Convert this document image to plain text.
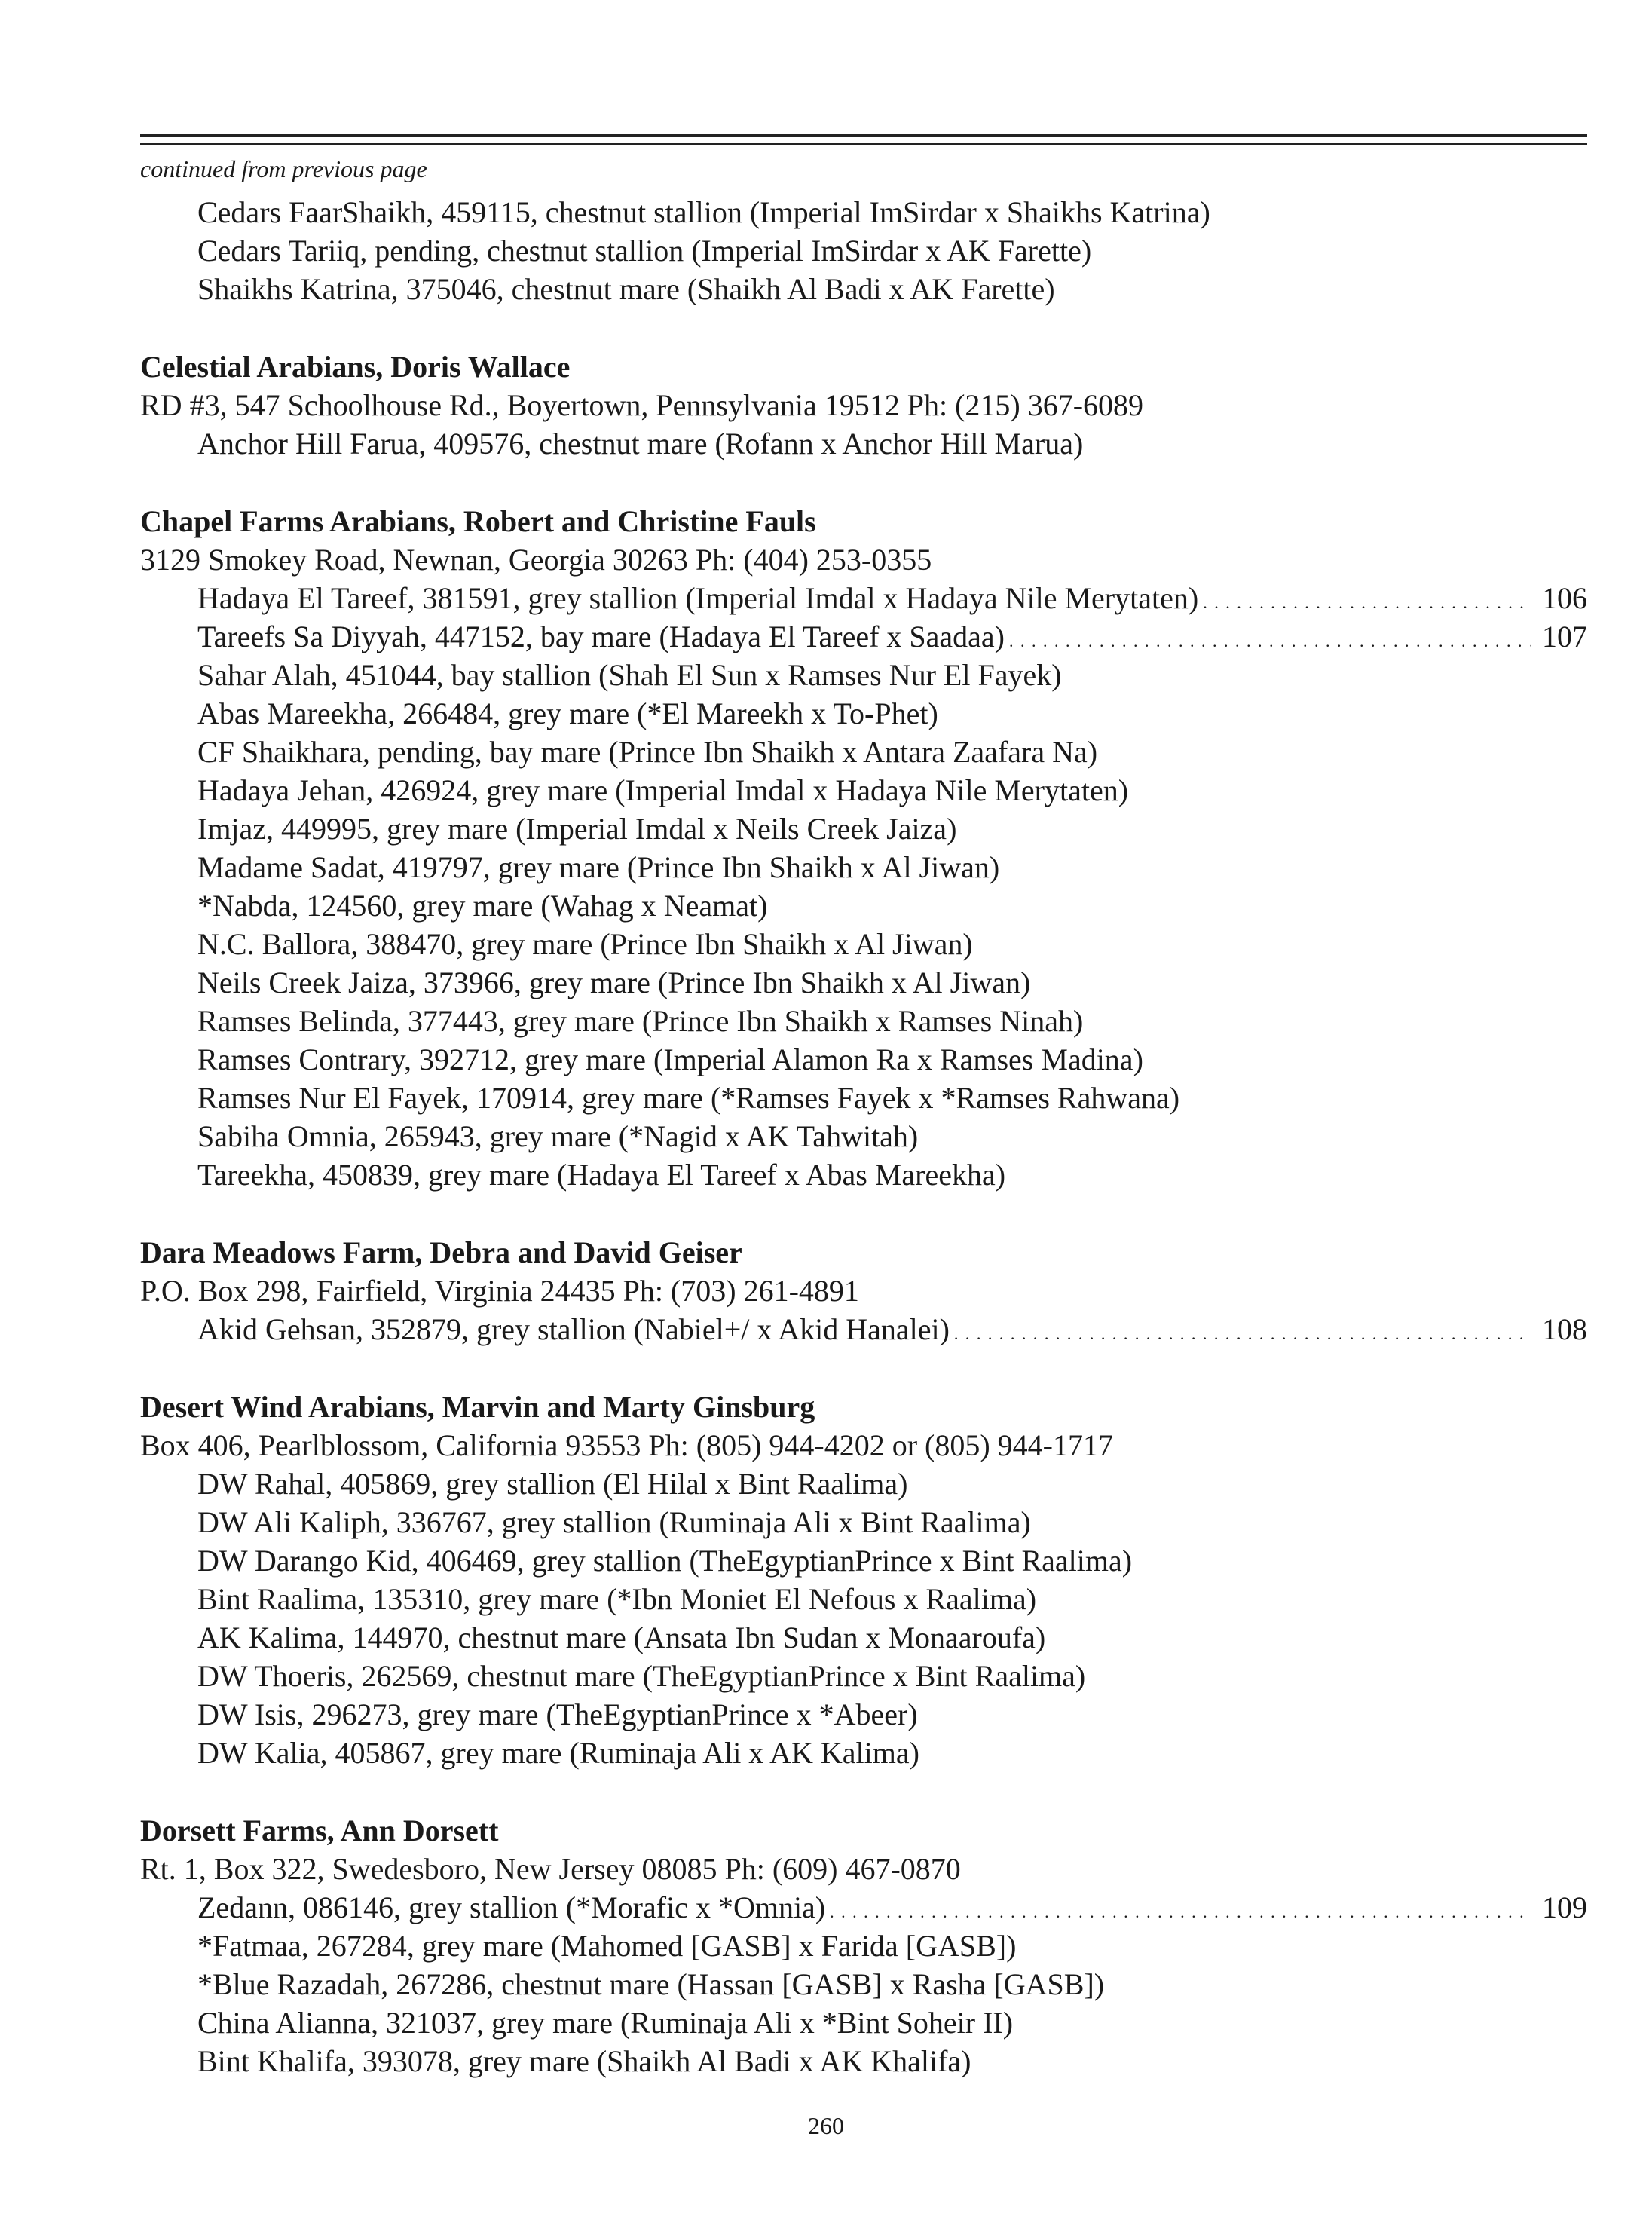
continued from previous page
Cedars FaarShaikh, 459115, chestnut stallion (Imperial ImSirdar x Shaikhs Katrina)
Cedars Tariiq, pending, chestnut stallion (Imperial ImSirdar x AK Farette)
Shaikhs Katrina, 375046, chestnut mare (Shaikh Al Badi x AK Farette)
Celestial Arabians, Doris Wallace
RD #3, 547 Schoolhouse Rd., Boyertown, Pennsylvania 19512 Ph: (215) 367-6089
Anchor Hill Farua, 409576, chestnut mare (Rofann x Anchor Hill Marua)
Chapel Farms Arabians, Robert and Christine Fauls
3129 Smokey Road, Newnan, Georgia 30263 Ph: (404) 253-0355
Hadaya El Tareef, 381591, grey stallion (Imperial Imdal x Hadaya Nile Merytaten) . . .	106
Tareefs Sa Diyyah, 447152, bay mare (Hadaya El Tareef x Saadaa) . . .	107
Sahar Alah, 451044, bay stallion (Shah El Sun x Ramses Nur El Fayek)
Abas Mareekha, 266484, grey mare (*El Mareekh x To-Phet)
CF Shaikhara, pending, bay mare (Prince Ibn Shaikh x Antara Zaafara Na)
Hadaya Jehan, 426924, grey mare (Imperial Imdal x Hadaya Nile Merytaten)
Imjaz, 449995, grey mare (Imperial Imdal x Neils Creek Jaiza)
Madame Sadat, 419797, grey mare (Prince Ibn Shaikh x Al Jiwan)
*Nabda, 124560, grey mare (Wahag x Neamat)
N.C. Ballora, 388470, grey mare (Prince Ibn Shaikh x Al Jiwan)
Neils Creek Jaiza, 373966, grey mare (Prince Ibn Shaikh x Al Jiwan)
Ramses Belinda, 377443, grey mare (Prince Ibn Shaikh x Ramses Ninah)
Ramses Contrary, 392712, grey mare (Imperial Alamon Ra x Ramses Madina)
Ramses Nur El Fayek, 170914, grey mare (*Ramses Fayek x *Ramses Rahwana)
Sabiha Omnia, 265943, grey mare (*Nagid x AK Tahwitah)
Tareekha, 450839, grey mare (Hadaya El Tareef x Abas Mareekha)
Dara Meadows Farm, Debra and David Geiser
P.O. Box 298, Fairfield, Virginia 24435 Ph: (703) 261-4891
Akid Gehsan, 352879, grey stallion (Nabiel+/ x Akid Hanalei) . . .	108
Desert Wind Arabians, Marvin and Marty Ginsburg
Box 406, Pearlblossom, California 93553 Ph: (805) 944-4202 or (805) 944-1717
DW Rahal, 405869, grey stallion (El Hilal x Bint Raalima)
DW Ali Kaliph, 336767, grey stallion (Ruminaja Ali x Bint Raalima)
DW Darango Kid, 406469, grey stallion (TheEgyptianPrince x Bint Raalima)
Bint Raalima, 135310, grey mare (*Ibn Moniet El Nefous x Raalima)
AK Kalima, 144970, chestnut mare (Ansata Ibn Sudan x Monaaroufa)
DW Thoeris, 262569, chestnut mare (TheEgyptianPrince x Bint Raalima)
DW Isis, 296273, grey mare (TheEgyptianPrince x *Abeer)
DW Kalia, 405867, grey mare (Ruminaja Ali x AK Kalima)
Dorsett Farms, Ann Dorsett
Rt. 1, Box 322, Swedesboro, New Jersey 08085 Ph: (609) 467-0870
Zedann, 086146, grey stallion (*Morafic x *Omnia) . . .	109
*Fatmaa, 267284, grey mare (Mahomed [GASB] x Farida [GASB])
*Blue Razadah, 267286, chestnut mare (Hassan [GASB] x Rasha [GASB])
China Alianna, 321037, grey mare (Ruminaja Ali x *Bint Soheir II)
Bint Khalifa, 393078, grey mare (Shaikh Al Badi x AK Khalifa)
260
